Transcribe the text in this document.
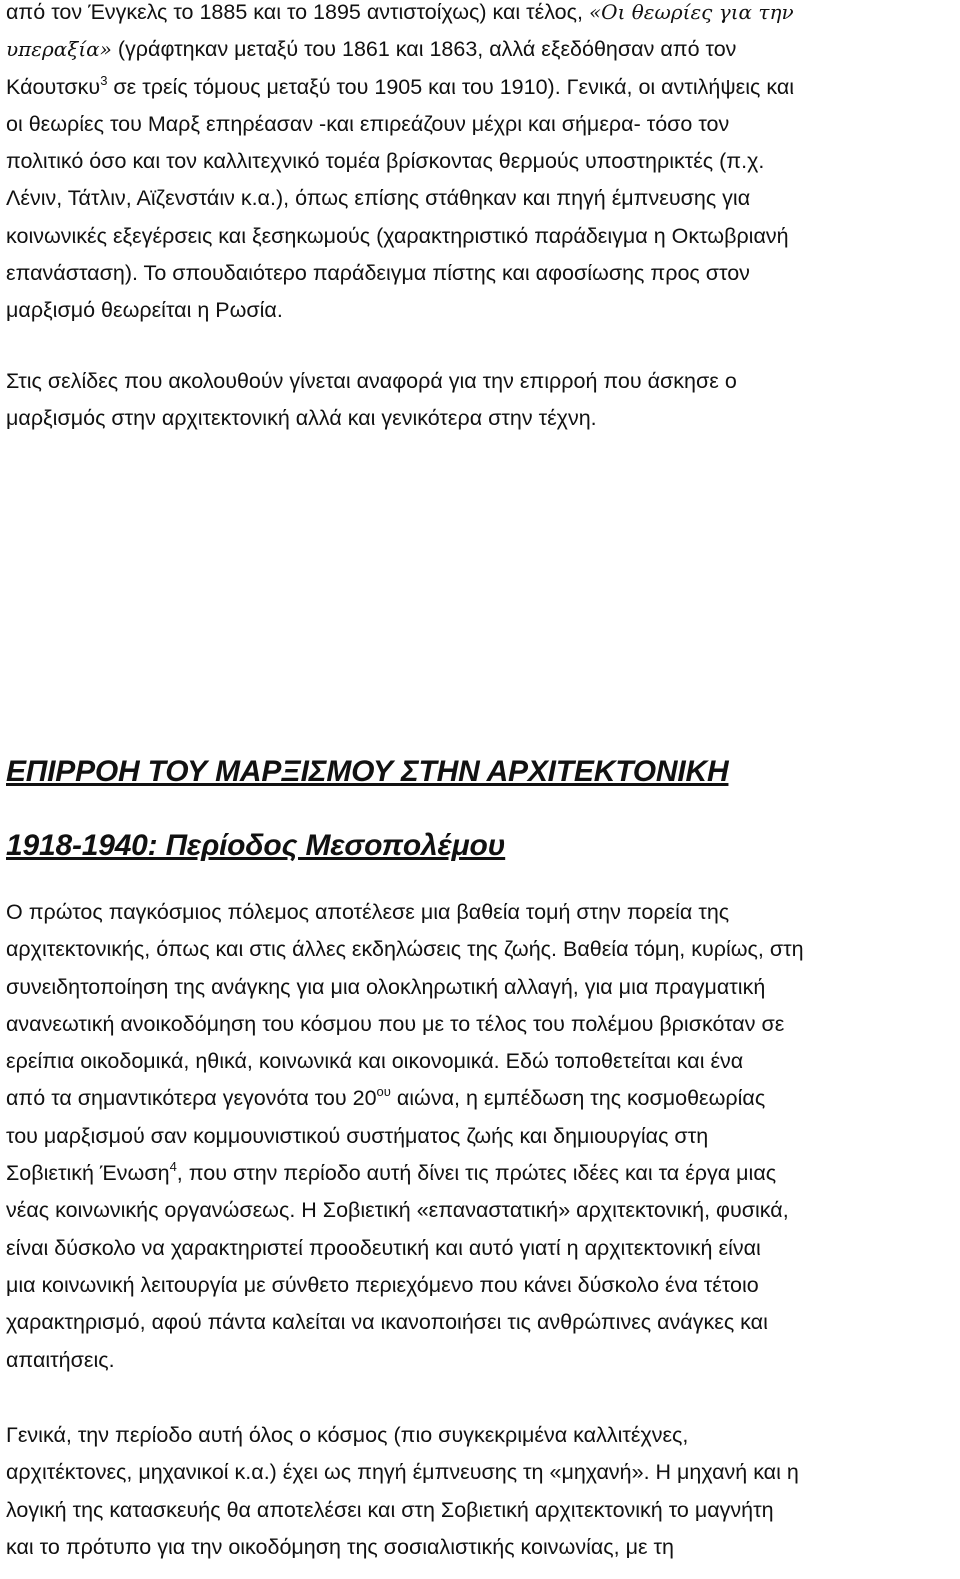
από τον Ένγκελς το 1885 και το 1895 αντιστοίχως) και τέλος, «Οι θεωρίες για την
υπεραξία» (γράφτηκαν μεταξύ του 1861 και 1863, αλλά εξεδόθησαν από τον
Κάουτσκυ$^3$ σε τρείς τόμους μεταξύ του 1905 και του 1910). Γενικά, οι αντιλήψεις και
οι θεωρίες του Μαρξ επηρέασαν -και επιρεάζουν μέχρι και σήμερα- τόσο τον
πολιτικό όσο και τον καλλιτεχνικό τομέα βρίσκοντας θερμούς υποστηρικτές (π.χ.
Λένιν, Τάτλιν, Αϊζενστάιν κ.α.), όπως επίσης στάθηκαν και πηγή έμπνευσης για
κοινωνικές εξεγέρσεις και ξεσηκωμούς (χαρακτηριστικό παράδειγμα η Οκτωβριανή
επανάσταση). Το σπουδαιότερο παράδειγμα πίστης και αφοσίωσης προς στον
μαρξισμό θεωρείται η Ρωσία.

Στις σελίδες που ακολουθούν γίνεται αναφορά για την επιρροή που άσκησε ο
μαρξισμός στην αρχιτεκτονική αλλά και γενικότερα στην τέχνη.

ΕΠΙΡΡΟΗ ΤΟΥ ΜΑΡΞΙΣΜΟΥ ΣΤΗΝ ΑΡΧΙΤΕΚΤΟΝΙΚΗ
1918-1940: Περίοδος Μεσοπολέμου

Ο πρώτος παγκόσμιος πόλεμος αποτέλεσε μια βαθεία τομή στην πορεία της
αρχιτεκτονικής, όπως και στις άλλες εκδηλώσεις της ζωής. Βαθεία τόμη, κυρίως, στη
συνειδητοποίηση της ανάγκης για μια ολοκληρωτική αλλαγή, για μια πραγματική
ανανεωτική ανοικοδόμηση του κόσμου που με το τέλος του πολέμου βρισκόταν σε
ερείπια οικοδομικά, ηθικά, κοινωνικά και οικονομικά. Εδώ τοποθετείται και ένα
από τα σημαντικότερα γεγονότα του $20^{o\upsilon}$ αιώνα, η εμπέδωση της κοσμοθεωρίας
του μαρξισμού σαν κομμουνιστικού συστήματος ζωής και δημιουργίας στη
Σοβιετική Ένωση$^4$, που στην περίοδο αυτή δίνει τις πρώτες ιδέες και τα έργα μιας
νέας κοινωνικής οργανώσεως. Η Σοβιετική «επαναστατική» αρχιτεκτονική, φυσικά,
είναι δύσκολο να χαρακτηριστεί προοδευτική και αυτό γιατί η αρχιτεκτονική είναι
μια κοινωνική λειτουργία με σύνθετο περιεχόμενο που κάνει δύσκολο ένα τέτοιο
χαρακτηρισμό, αφού πάντα καλείται να ικανοποιήσει τις ανθρώπινες ανάγκες και
απαιτήσεις.

Γενικά, την περίοδο αυτή όλος ο κόσμος (πιο συγκεκριμένα καλλιτέχνες,
αρχιτέκτονες, μηχανικοί κ.α.) έχει ως πηγή έμπνευσης τη «μηχανή». Η μηχανή και η
λογική της κατασκευής θα αποτελέσει και στη Σοβιετική αρχιτεκτονική το μαγνήτη
και το πρότυπο για την οικοδόμηση της σοσιαλιστικής κοινωνίας, με τη
